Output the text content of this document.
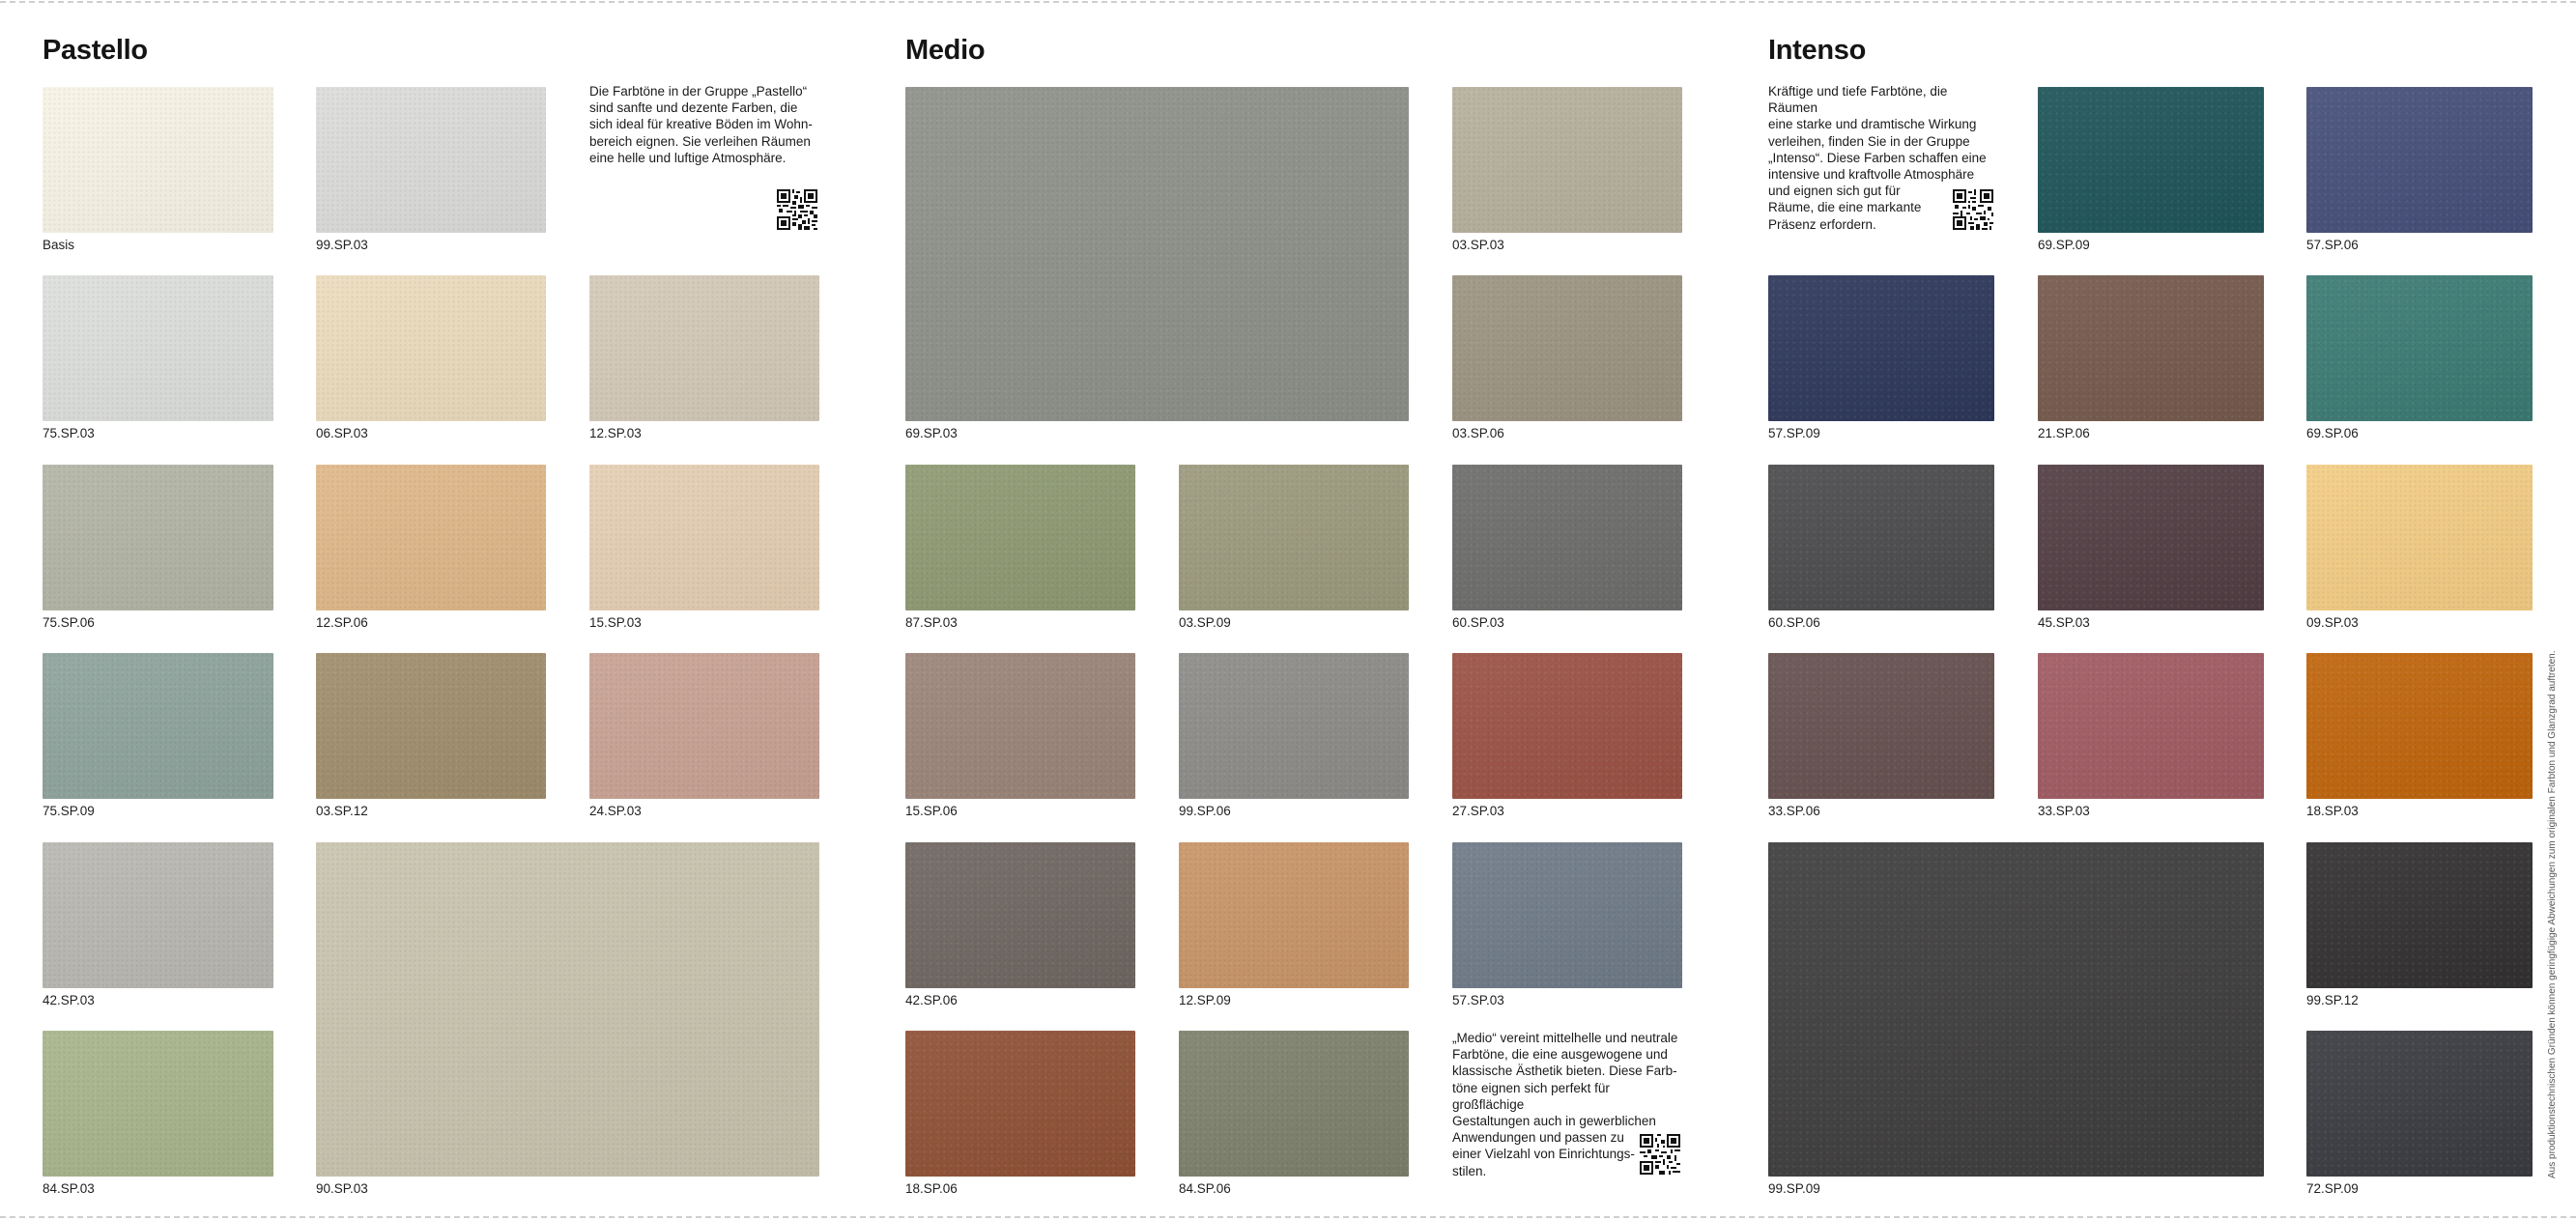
Pastello	Medio	Intenso

Die Farbtöne in der Gruppe „Pastello“
sind sanfte und dezente Farben, die
sich ideal für kreative Böden im Wohn-
bereich eignen. Sie verleihen Räumen
eine helle und luftige Atmosphäre.

„Medio“ vereint mittelhelle und neutrale
Farbtöne, die eine ausgewogene und
klassische Ästhetik bieten. Diese Farb-
töne eignen sich perfekt für großflächige
Gestaltungen auch in gewerblichen
Anwendungen und passen zu
einer Vielzahl von Einrichtungs-
stilen.

Kräftige und tiefe Farbtöne, die Räumen
eine starke und dramtische Wirkung
verleihen, finden Sie in der Gruppe
„Intenso“. Diese Farben schaffen eine
intensive und kraftvolle Atmosphäre
und eignen sich gut für
Räume, die eine markante
Präsenz erfordern.

Basis	99.SP.03
75.SP.03	06.SP.03	12.SP.03
75.SP.06	12.SP.06	15.SP.03
75.SP.09	03.SP.12	24.SP.03
42.SP.03
90.SP.03
84.SP.03
69.SP.03
03.SP.03
03.SP.06
87.SP.03	03.SP.09	60.SP.03
15.SP.06	99.SP.06	27.SP.03
42.SP.06	12.SP.09	57.SP.03
18.SP.06	84.SP.06
69.SP.09	57.SP.06
57.SP.09	21.SP.06	69.SP.06
60.SP.06	45.SP.03	09.SP.03
33.SP.06	33.SP.03	18.SP.03
99.SP.09
99.SP.12
72.SP.09
Aus produktionstechnischen Gründen können geringfügige Abweichungen zum originalen Farbton und Glanzgrad auftreten.
